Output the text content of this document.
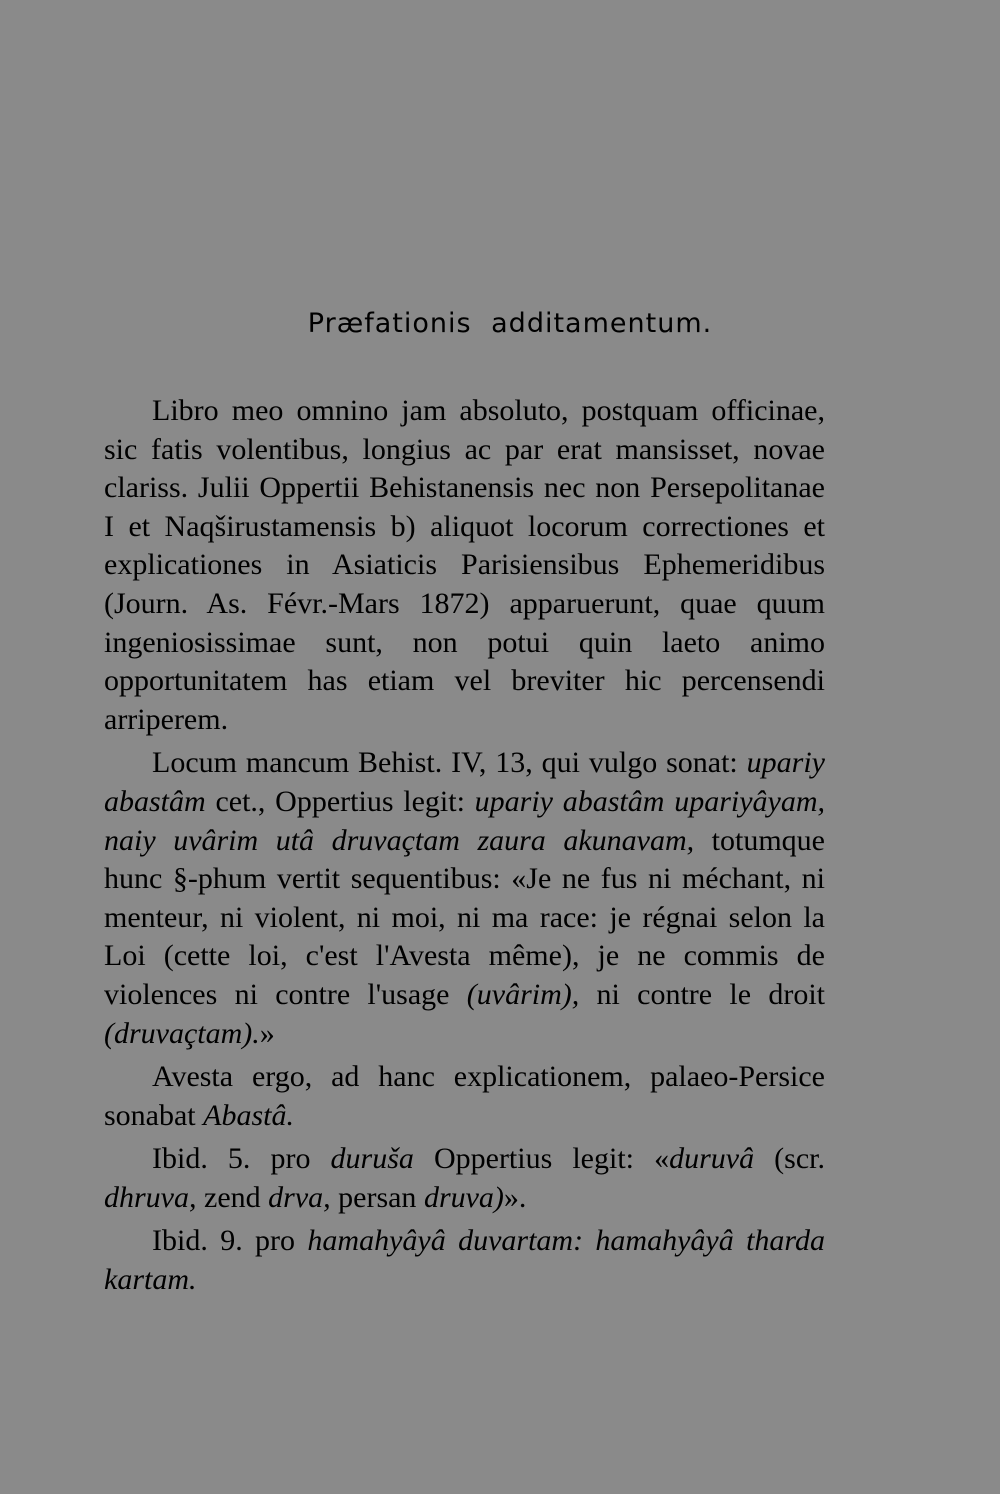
Præfationis additamentum.

Libro meo omnino jam absoluto, postquam officinae, sic fatis volentibus, longius ac par erat mansisset, novae clariss. Julii Oppertii Behistanensis nec non Persepolitanae I et Naqširustamensis b) aliquot locorum correctiones et explicationes in Asiaticis Parisiensibus Ephemeridibus (Journ. As. Févr.-Mars 1872) apparuerunt, quae quum ingeniosissimae sunt, non potui quin laeto animo opportunitatem has etiam vel breviter hic percensendi arriperem.

Locum mancum Behist. IV, 13, qui vulgo sonat: upariy abastâm cet., Oppertius legit: upariy abastâm upariyâyam, naiy uvârim utâ druvaçtam zaura akunavam, totumque hunc §-phum vertit sequentibus: «Je ne fus ni méchant, ni menteur, ni violent, ni moi, ni ma race: je régnai selon la Loi (cette loi, c'est l'Avesta même), je ne commis de violences ni contre l'usage (uvârim), ni contre le droit (druvaçtam).»

Avesta ergo, ad hanc explicationem, palaeo-Persice sonabat Abastâ.

Ibid. 5. pro duruša Oppertius legit: «duruvâ (scr. dhruva, zend drva, persan druva)».

Ibid. 9. pro hamahyâyâ duvartam: hamahyâyâ tharda kartam.
